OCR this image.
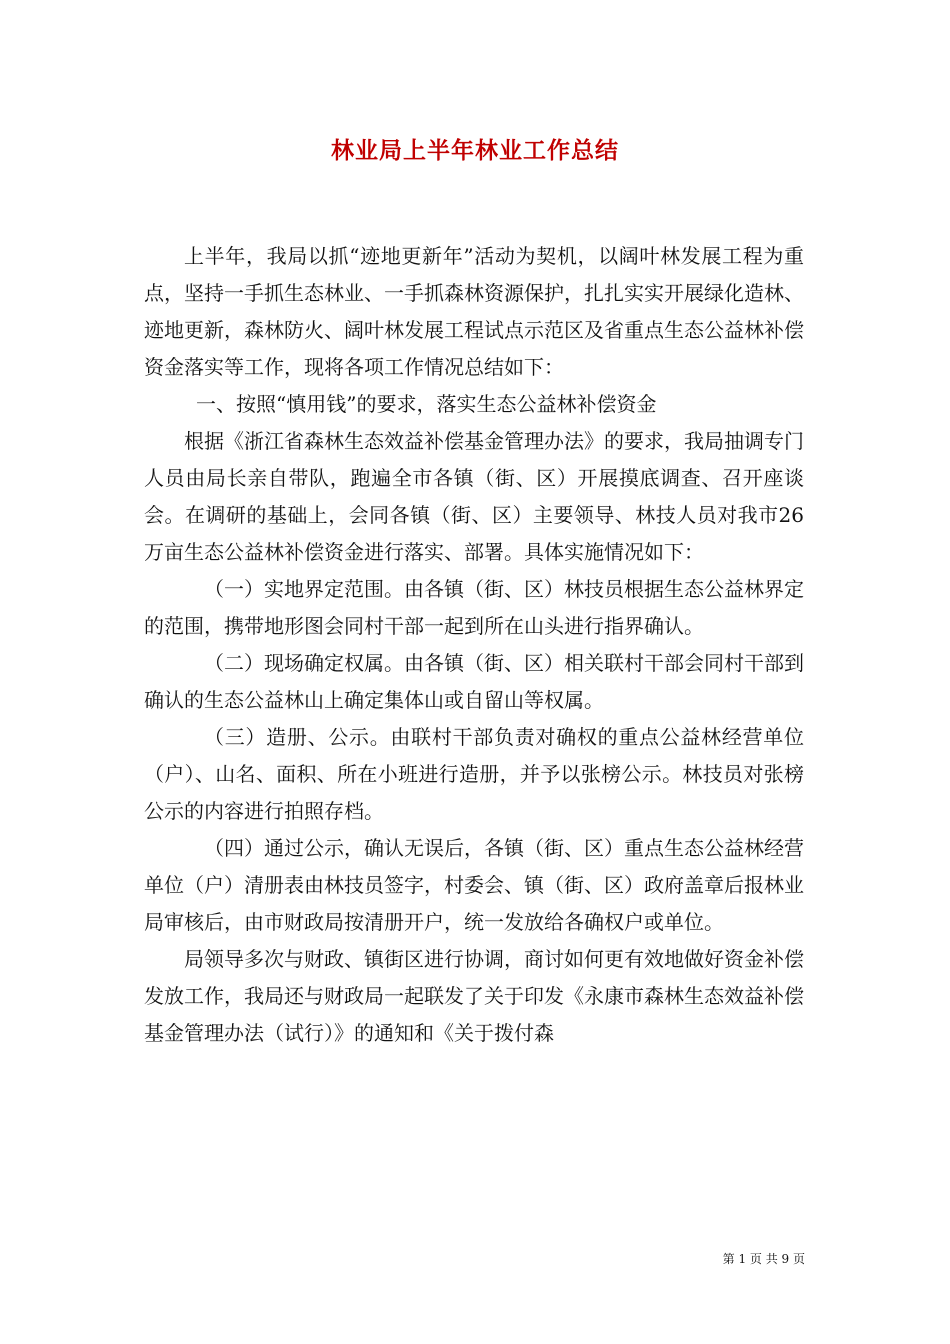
林业局上半年林业工作总结

上半年，我局以抓“迹地更新年”活动为契机，以阔叶林发展工程为重点，坚持一手抓生态林业、一手抓森林资源保护，扎扎实实开展绿化造林、迹地更新，森林防火、阔叶林发展工程试点示范区及省重点生态公益林补偿资金落实等工作，现将各项工作情况总结如下：

一、按照“慎用钱”的要求，落实生态公益林补偿资金

根据《浙江省森林生态效益补偿基金管理办法》的要求，我局抽调专门人员由局长亲自带队，跑遍全市各镇（街、区）开展摸底调查、召开座谈会。在调研的基础上，会同各镇（街、区）主要领导、林技人员对我市26万亩生态公益林补偿资金进行落实、部署。具体实施情况如下：

（一）实地界定范围。由各镇（街、区）林技员根据生态公益林界定的范围，携带地形图会同村干部一起到所在山头进行指界确认。

（二）现场确定权属。由各镇（街、区）相关联村干部会同村干部到确认的生态公益林山上确定集体山或自留山等权属。

（三）造册、公示。由联村干部负责对确权的重点公益林经营单位（户）、山名、面积、所在小班进行造册，并予以张榜公示。林技员对张榜公示的内容进行拍照存档。

（四）通过公示，确认无误后，各镇（街、区）重点生态公益林经营单位（户）清册表由林技员签字，村委会、镇（街、区）政府盖章后报林业局审核后，由市财政局按清册开户，统一发放给各确权户或单位。

局领导多次与财政、镇街区进行协调，商讨如何更有效地做好资金补偿发放工作，我局还与财政局一起联发了关于印发《永康市森林生态效益补偿基金管理办法（试行）》的通知和《关于拨付森

第 1 页 共 9 页
